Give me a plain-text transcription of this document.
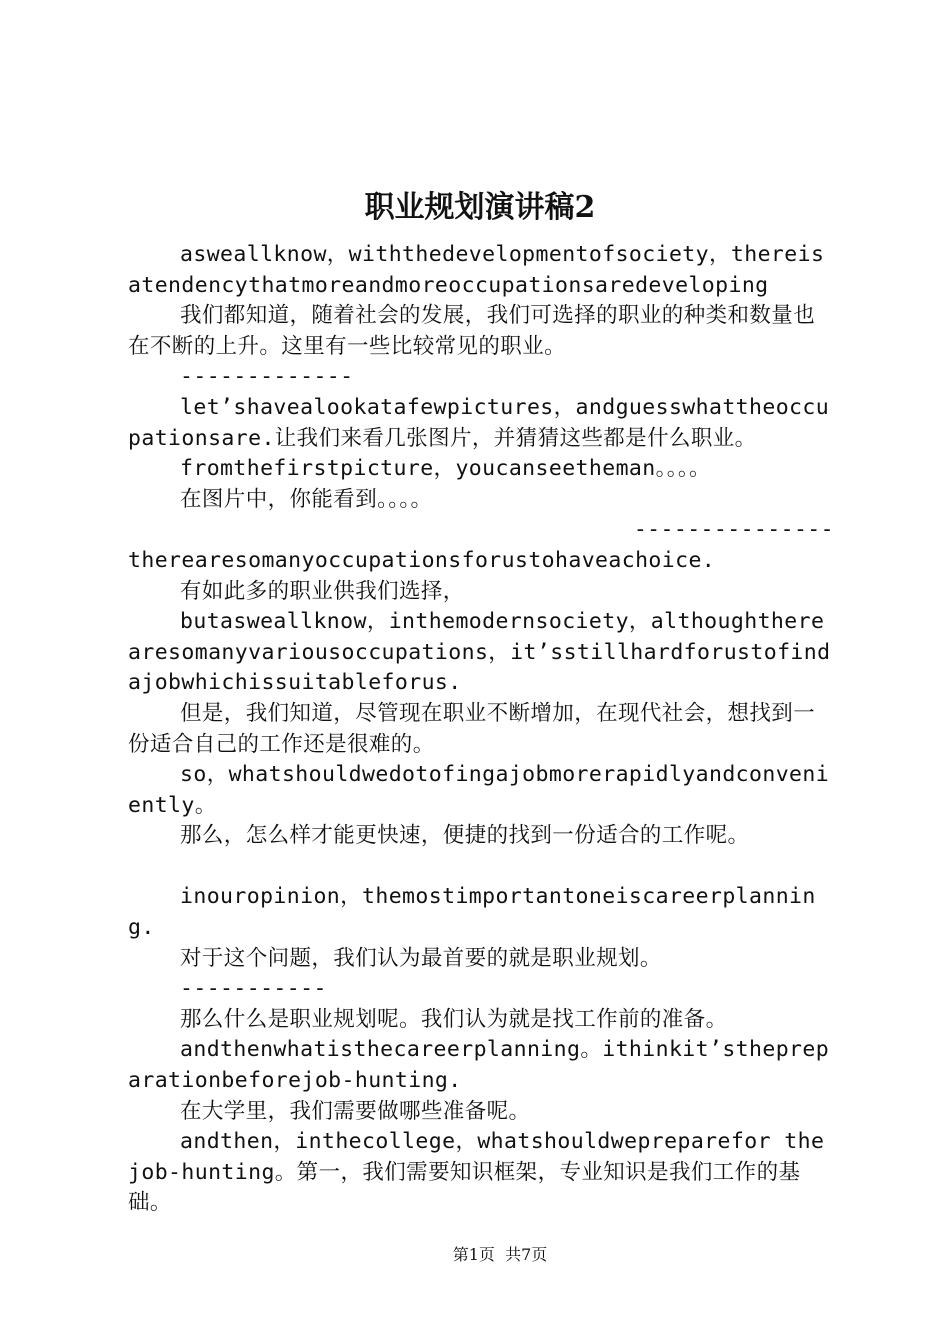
职业规划演讲稿2

asweallknow，withthedevelopmentofsociety，thereisatendencythatmoreandmoreoccupationsaredeveloping

我们都知道，随着社会的发展，我们可选择的职业的种类和数量也在不断的上升。这里有一些比较常见的职业。

-------------

let’shavealookatafewpictures，andguesswhattheoccupationsare.让我们来看几张图片，并猜猜这些都是什么职业。

fromthefirstpicture，youcanseetheman。。。。

在图片中，你能看到。。。。

---------------

therearesomanyoccupationsforustohaveachoice.

有如此多的职业供我们选择，

butasweallknow，inthemodernsociety，althoughtherearesomanyvariousoccupations，it’sstillhardforustofindajobwhichissuitableforus.

但是，我们知道，尽管现在职业不断增加，在现代社会，想找到一份适合自己的工作还是很难的。

so，whatshouldwedotofingajobmorerapidlyandconveniently。

那么，怎么样才能更快速，便捷的找到一份适合的工作呢。

inouropinion，themostimportantoneiscareerplanning.

对于这个问题，我们认为最首要的就是职业规划。

-----------

那么什么是职业规划呢。我们认为就是找工作前的准备。

andthenwhatisthecareerplanning。ithinkit’sthepreparationbeforejob-hunting.

在大学里，我们需要做哪些准备呢。

andthen，inthecollege，whatshouldwepreparefor the job-hunting。第一，我们需要知识框架，专业知识是我们工作的基础。

第1页 共7页
